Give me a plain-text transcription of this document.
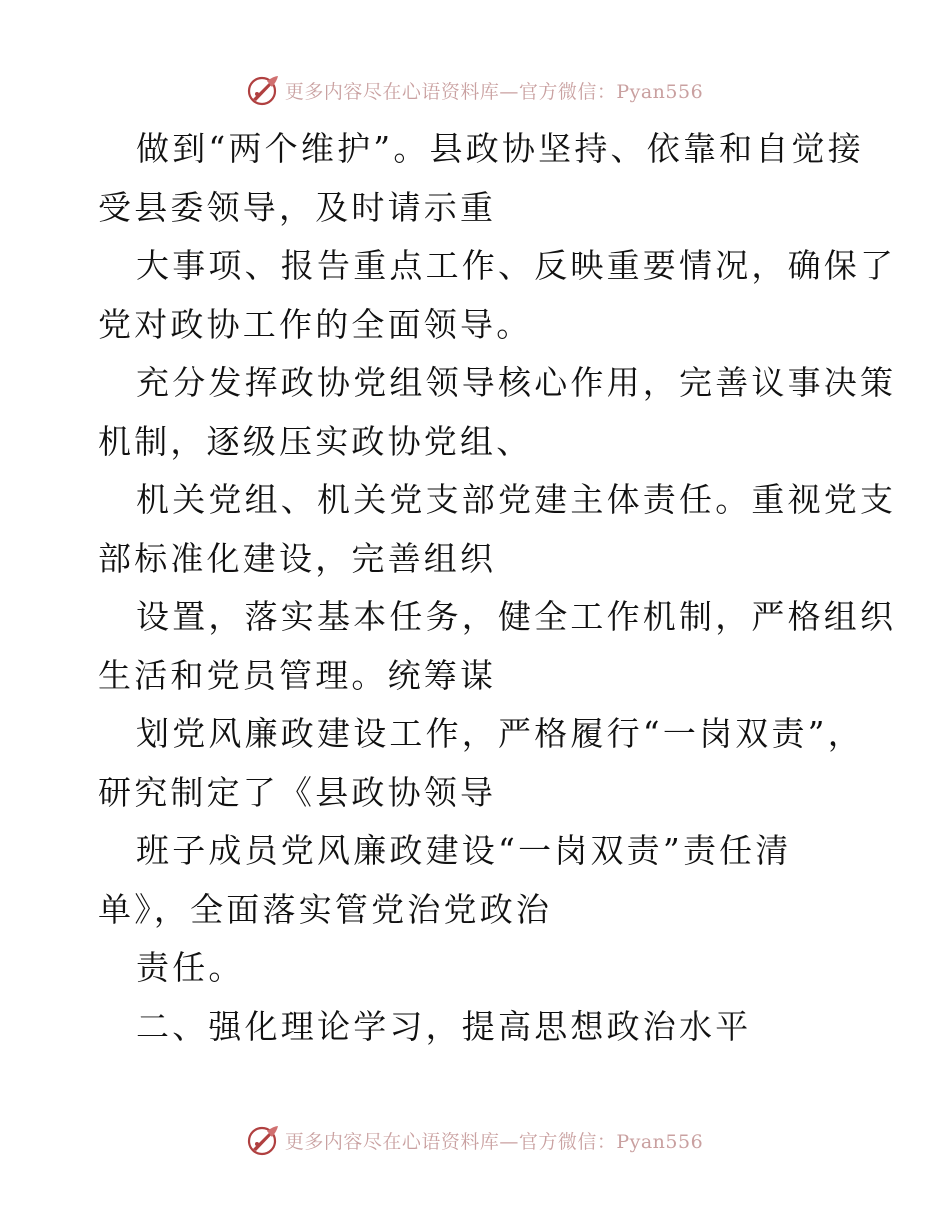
更多内容尽在心语资料库—官方微信：Pyan556
做到“两个维护”。县政协坚持、依靠和自觉接
受县委领导，及时请示重
大事项、报告重点工作、反映重要情况，确保了
党对政协工作的全面领导。
充分发挥政协党组领导核心作用，完善议事决策
机制，逐级压实政协党组、
机关党组、机关党支部党建主体责任。重视党支
部标准化建设，完善组织
设置，落实基本任务，健全工作机制，严格组织
生活和党员管理。统筹谋
划党风廉政建设工作，严格履行“一岗双责”，
研究制定了《县政协领导
班子成员党风廉政建设“一岗双责”责任清
单》，全面落实管党治党政治
责任。
二、强化理论学习，提高思想政治水平
更多内容尽在心语资料库—官方微信：Pyan556
